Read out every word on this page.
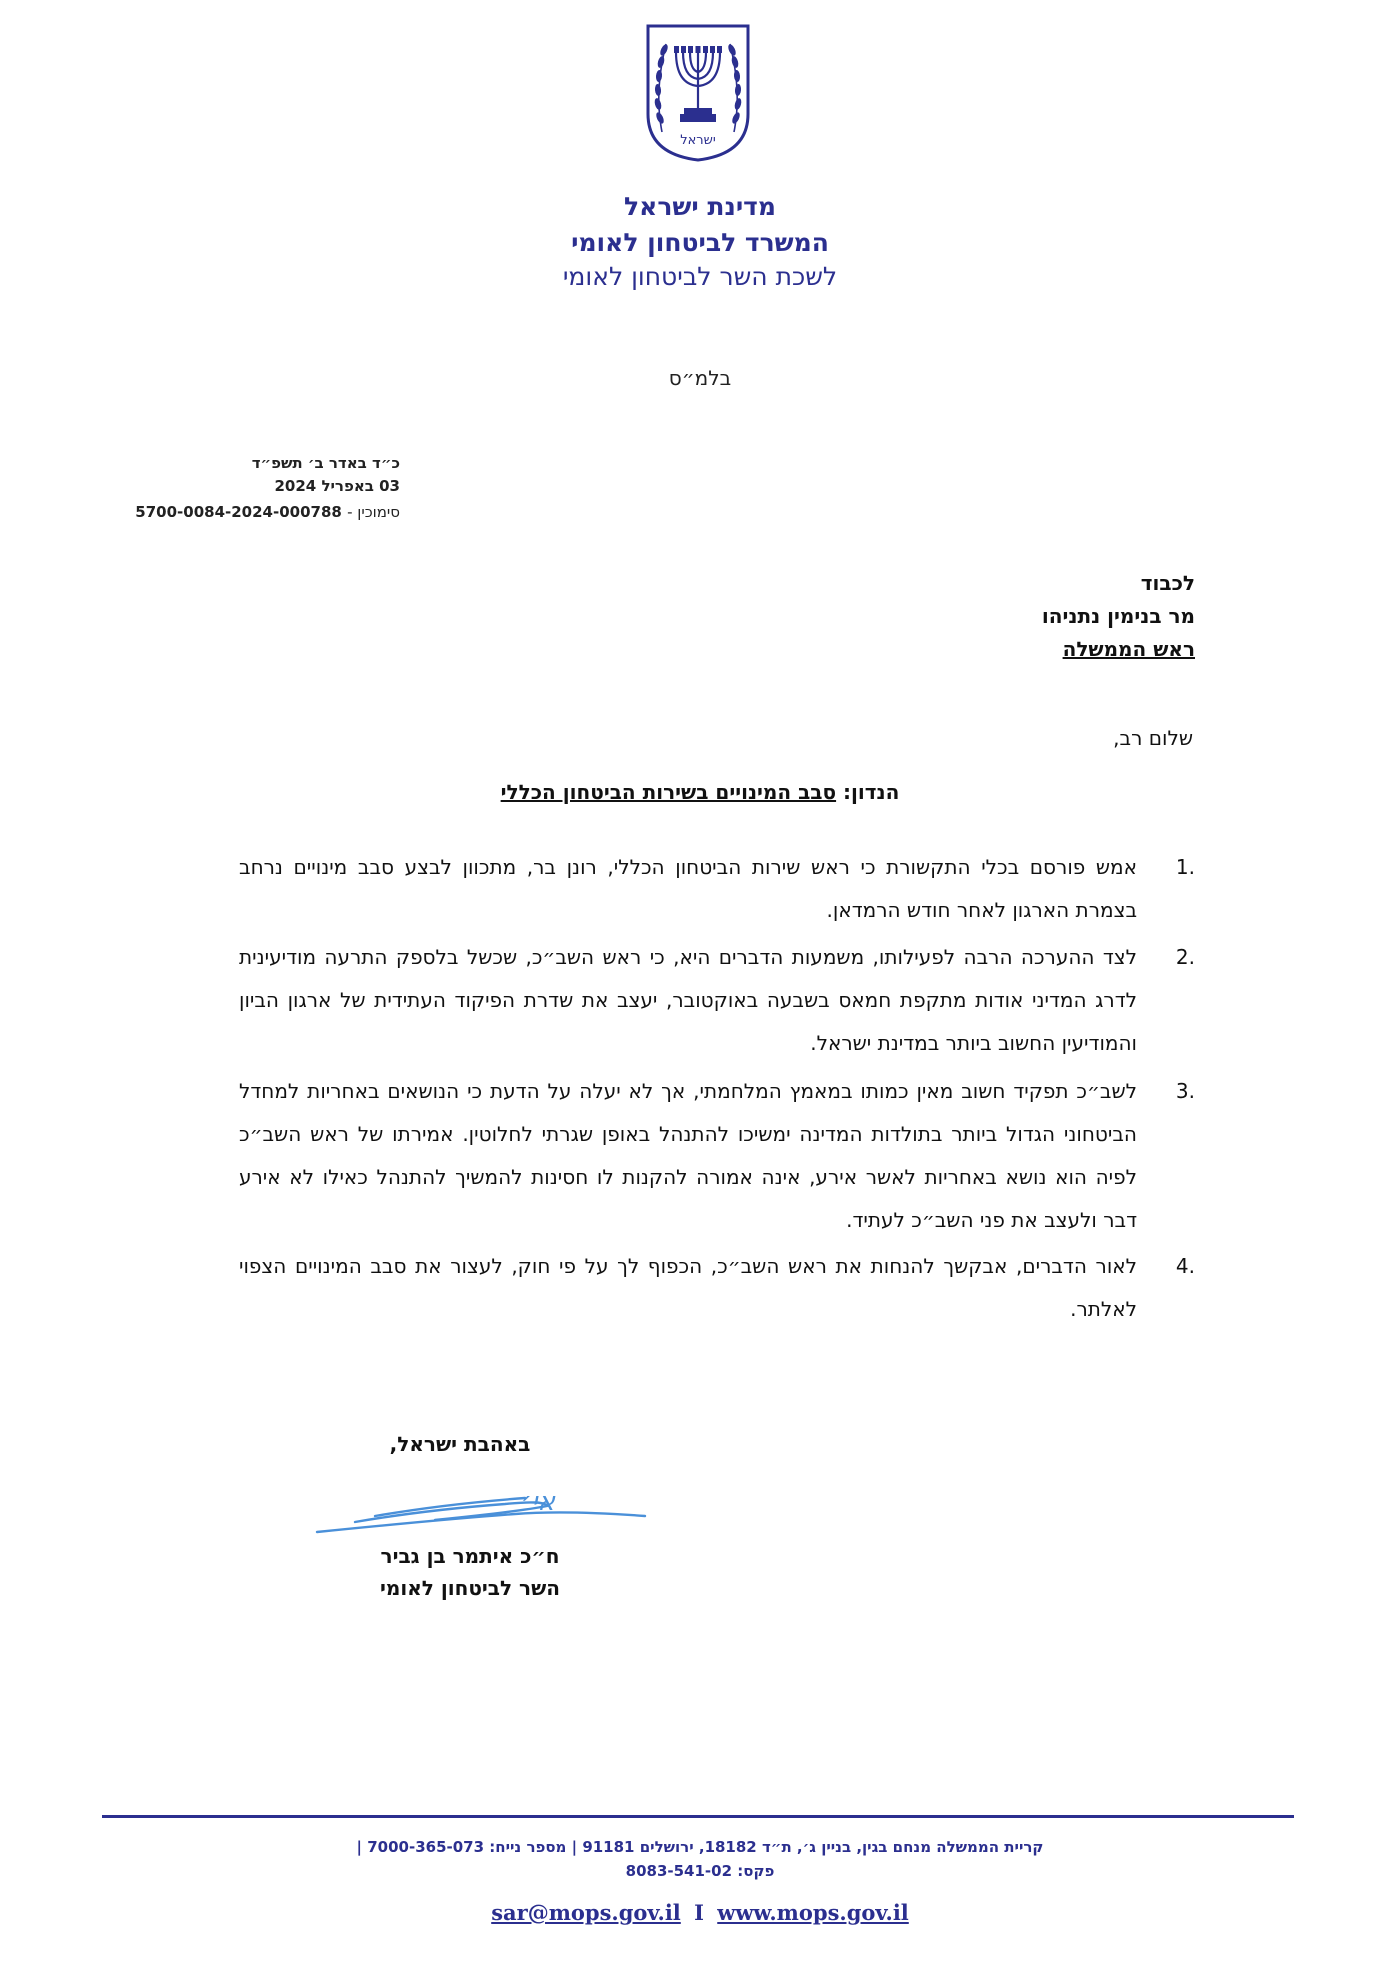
ישראל
מדינת ישראל
המשרד לביטחון לאומי
לשכת השר לביטחון לאומי
בלמ״ס
כ״ד באדר ב׳ תשפ״ד
03 באפריל 2024
סימוכין - 5700-0084-2024-000788
לכבוד
מר בנימין נתניהו
ראש הממשלה
שלום רב,
הנדון: סבב המינויים בשירות הביטחון הכללי
1.
אמש פורסם בכלי התקשורת כי ראש שירות הביטחון הכללי, רונן בר, מתכוון לבצע סבב מינויים נרחב בצמרת הארגון לאחר חודש הרמדאן.
2.
לצד ההערכה הרבה לפעילותו, משמעות הדברים היא, כי ראש השב״כ, שכשל בלספק התרעה מודיעינית לדרג המדיני אודות מתקפת חמאס בשבעה באוקטובר, יעצב את שדרת הפיקוד העתידית של ארגון הביון והמודיעין החשוב ביותר במדינת ישראל.
3.
לשב״כ תפקיד חשוב מאין כמותו במאמץ המלחמתי, אך לא יעלה על הדעת כי הנושאים באחריות למחדל הביטחוני הגדול ביותר בתולדות המדינה ימשיכו להתנהל באופן שגרתי לחלוטין. אמירתו של ראש השב״כ לפיה הוא נושא באחריות לאשר אירע, אינה אמורה להקנות לו חסינות להמשיך להתנהל כאילו לא אירע דבר ולעצב את פני השב״כ לעתיד.
4.
לאור הדברים, אבקשך להנחות את ראש השב״כ, הכפוף לך על פי חוק, לעצור את סבב המינויים הצפוי לאלתר.
באהבת ישראל,
אי׳
ח״כ איתמר בן גביר
השר לביטחון לאומי
קריית הממשלה מנחם בגין, בניין ג׳, ת״ד 18182, ירושלים 91181 | מספר נייח: 7000-365-073 |
פקס: 8083-541-02
sar@mops.gov.il I www.mops.gov.il
